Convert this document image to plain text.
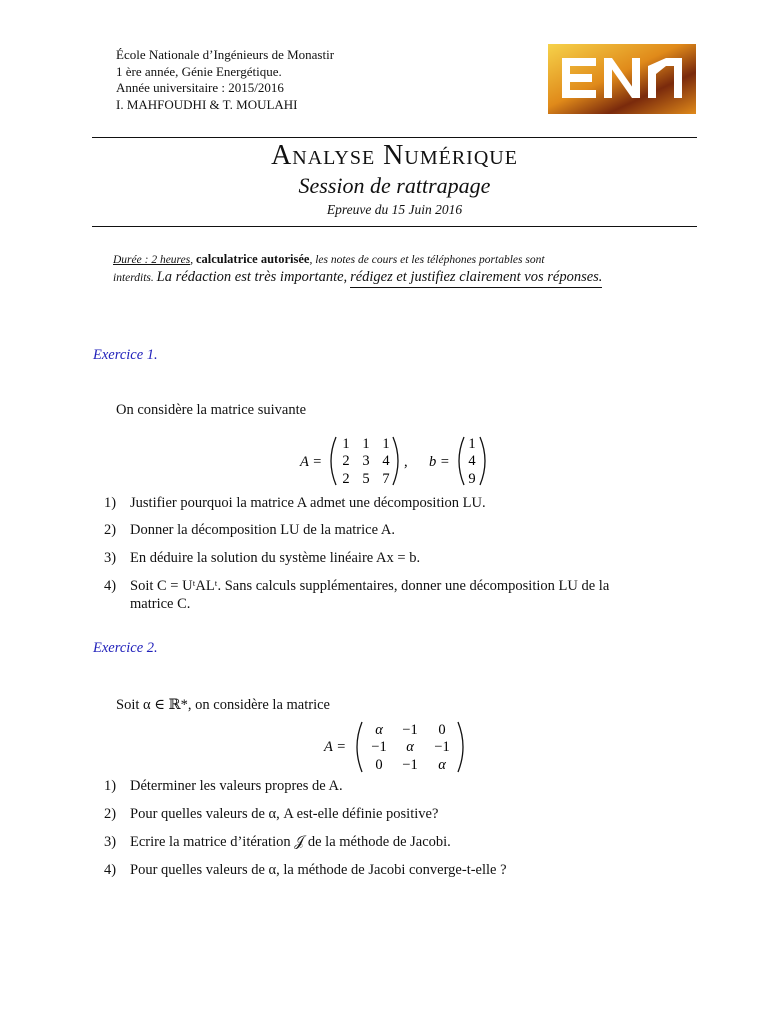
École Nationale d’Ingénieurs de Monastir
1 ère année, Génie Energétique.
Année universitaire : 2015/2016
I. MAHFOUDHI & T. MOULAHI
Analyse Numérique
Session de rattrapage
Epreuve du 15 Juin 2016
Durée : 2 heures, calculatrice autorisée, les notes de cours et les téléphones portables sont
interdits. La rédaction est très importante, rédigez et justifiez clairement vos réponses.
Exercice 1.
On considère la matrice suivante
A =
1 1 1
2 3 4
2 5 7
, b =
1
4
9
1) Justifier pourquoi la matrice A admet une décomposition LU.
2) Donner la décomposition LU de la matrice A.
3) En déduire la solution du système linéaire Ax = b.
4) Soit C = UᵗALᵗ. Sans calculs supplémentaires, donner une décomposition LU de la
matrice C.
Exercice 2.
Soit α ∈ ℝ*, on considère la matrice
A =
α −1 0
−1 α −1
0 −1 α
1) Déterminer les valeurs propres de A.
2) Pour quelles valeurs de α, A est-elle définie positive?
3) Ecrire la matrice d’itération 𝒥 de la méthode de Jacobi.
4) Pour quelles valeurs de α, la méthode de Jacobi converge-t-elle ?
